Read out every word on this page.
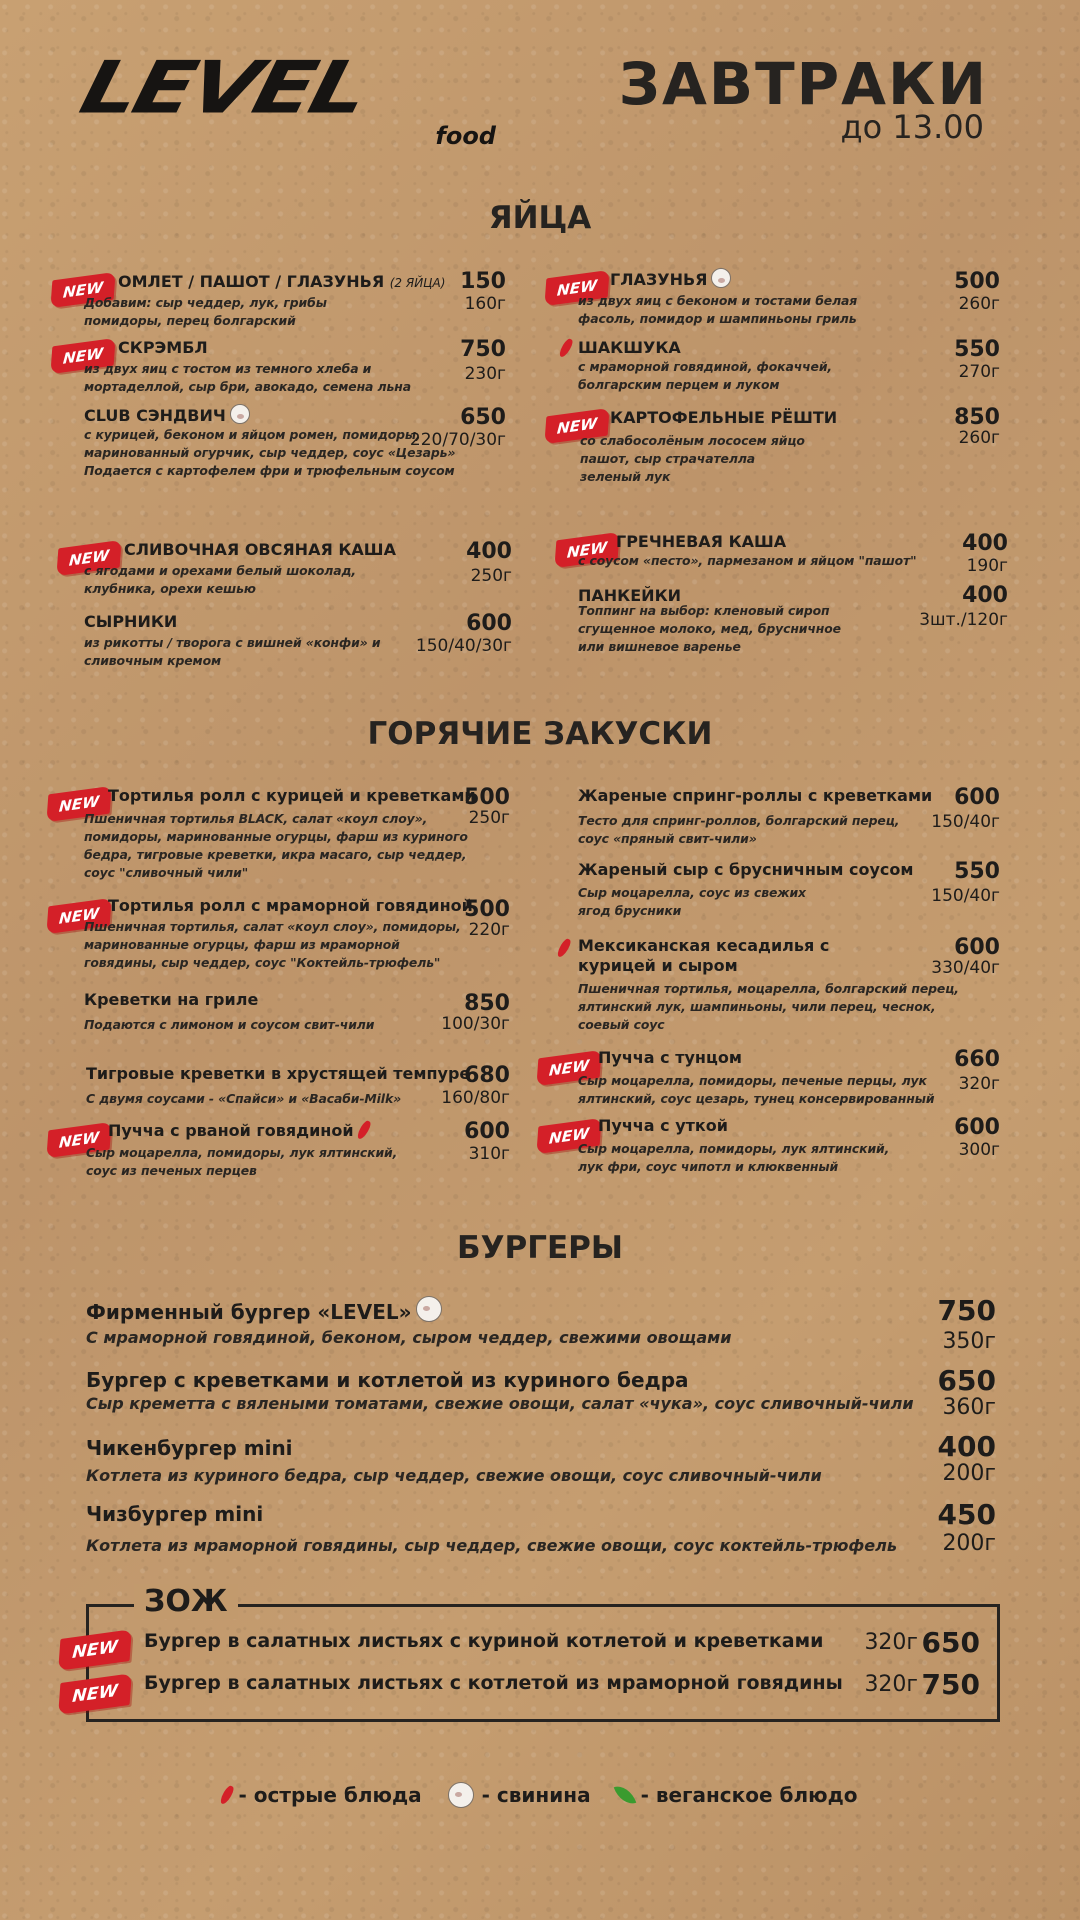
LEVEL
food
ЗАВТРАКИ
до 13.00
ЯЙЦА
NEW ОМЛЕТ / ПАШОТ / ГЛАЗУНЬЯ (2 ЯЙЦА)
Добавим: сыр чеддер, лук, грибы помидоры, перец болгарский
150
160г
NEW СКРЭМБЛ
из двух яиц с тостом из темного хлеба и мортаделлой, сыр бри, авокадо, семена льна
750
230г
CLUB СЭНДВИЧ
с курицей, беконом и яйцом ромен, помидоры, маринованный огурчик, сыр чеддер, соус «Цезарь» Подается с картофелем фри и трюфельным соусом
650
220/70/30г
NEW ГЛАЗУНЬЯ
из двух яиц с беконом и тостами белая фасоль, помидор и шампиньоны гриль
500
260г
ШАКШУКА
с мраморной говядиной, фокаччей, болгарским перцем и луком
550
270г
NEW КАРТОФЕЛЬНЫЕ РЁШТИ
со слабосолёным лососем яйцо пашот, сыр страчателла зеленый лук
850
260г
NEW СЛИВОЧНАЯ ОВСЯНАЯ КАША
с ягодами и орехами белый шоколад, клубника, орехи кешью
400
250г
СЫРНИКИ
из рикотты / творога с вишней «конфи» и сливочным кремом
600
150/40/30г
NEW ГРЕЧНЕВАЯ КАША
с соусом «песто», пармезаном и яйцом "пашот"
400
190г
ПАНКЕЙКИ
Топпинг на выбор: кленовый сироп сгущенное молоко, мед, брусничное или вишневое варенье
400
3шт./120г
ГОРЯЧИЕ ЗАКУСКИ
NEW Тортилья ролл с курицей и креветками
Пшеничная тортилья BLACK, салат «коул слоу», помидоры, маринованные огурцы, фарш из куриного бедра, тигровые креветки, икра масаго, сыр чеддер, соус "сливочный чили"
500
250г
NEW Тортилья ролл с мраморной говядиной
Пшеничная тортилья, салат «коул слоу», помидоры, маринованные огурцы, фарш из мраморной говядины, сыр чеддер, соус "Коктейль-трюфель"
500
220г
Креветки на гриле
Подаются с лимоном и соусом свит-чили
850
100/30г
Тигровые креветки в хрустящей темпуре
С двумя соусами - «Спайси» и «Васаби-Milk»
680
160/80г
NEW Пучча с рваной говядиной
Сыр моцарелла, помидоры, лук ялтинский, соус из печеных перцев
600
310г
Жареные спринг-роллы с креветками
Тесто для спринг-роллов, болгарский перец, соус «пряный свит-чили»
600
150/40г
Жареный сыр с брусничным соусом
Сыр моцарелла, соус из свежих ягод брусники
550
150/40г
Мексиканская кесадилья с курицей и сыром
Пшеничная тортилья, моцарелла, болгарский перец, ялтинский лук, шампиньоны, чили перец, чеснок, соевый соус
600
330/40г
NEW Пучча с тунцом
Сыр моцарелла, помидоры, печеные перцы, лук ялтинский, соус цезарь, тунец консервированный
660
320г
NEW Пучча с уткой
Сыр моцарелла, помидоры, лук ялтинский, лук фри, соус чипотл и клюквенный
600
300г
БУРГЕРЫ
Фирменный бургер «LEVEL»
С мраморной говядиной, беконом, сыром чеддер, свежими овощами
750
350г
Бургер с креветками и котлетой из куриного бедра
Сыр креметта с вялеными томатами, свежие овощи, салат «чука», соус сливочный-чили
650
360г
Чикенбургер mini
Котлета из куриного бедра, сыр чеддер, свежие овощи, соус сливочный-чили
400
200г
Чизбургер mini
Котлета из мраморной говядины, сыр чеддер, свежие овощи, соус коктейль-трюфель
450
200г
ЗОЖ
NEW	Бургер в салатных листьях с куриной котлетой и креветками 320г 650
NEW	Бургер в салатных листьях с котлетой из мраморной говядины 320г 750
- острые блюда	- свинина	- веганское блюдо
